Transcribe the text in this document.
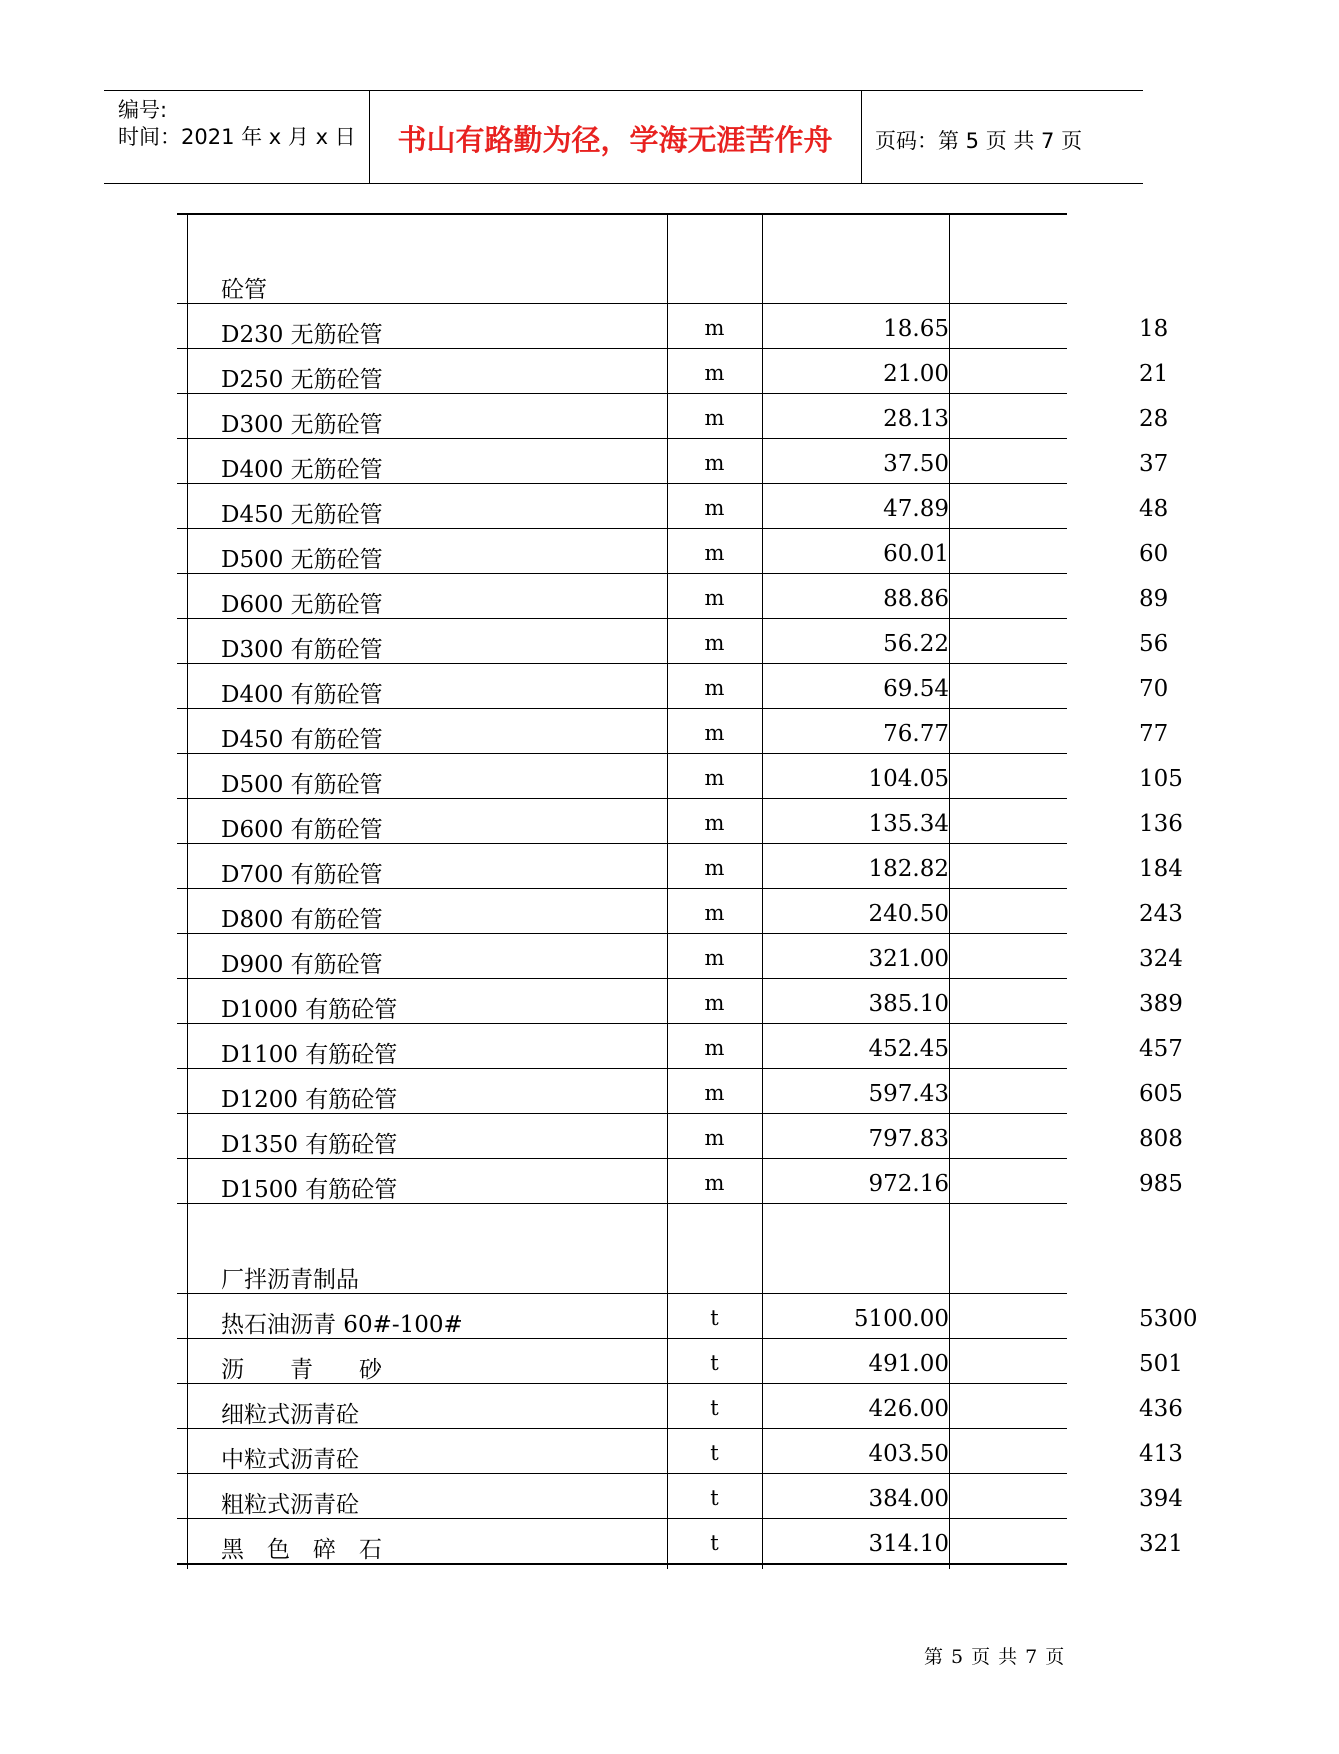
编号:
时间：2021 年 x 月 x 日	书山有路勤为径，学海无涯苦作舟	页码：第 5 页 共 7 页
砼管
D230 无筋砼管	m	18.65	18
D250 无筋砼管	m	21.00	21
D300 无筋砼管	m	28.13	28
D400 无筋砼管	m	37.50	37
D450 无筋砼管	m	47.89	48
D500 无筋砼管	m	60.01	60
D600 无筋砼管	m	88.86	89
D300 有筋砼管	m	56.22	56
D400 有筋砼管	m	69.54	70
D450 有筋砼管	m	76.77	77
D500 有筋砼管	m	104.05	105
D600 有筋砼管	m	135.34	136
D700 有筋砼管	m	182.82	184
D800 有筋砼管	m	240.50	243
D900 有筋砼管	m	321.00	324
D1000 有筋砼管	m	385.10	389
D1100 有筋砼管	m	452.45	457
D1200 有筋砼管	m	597.43	605
D1350 有筋砼管	m	797.83	808
D1500 有筋砼管	m	972.16	985
厂拌沥青制品
热石油沥青 60#-100#	t	5100.00	5300
沥　　青　　砂	t	491.00	501
细粒式沥青砼	t	426.00	436
中粒式沥青砼	t	403.50	413
粗粒式沥青砼	t	384.00	394
黑　色　碎　石	t	314.10	321
第 5 页 共 7 页
